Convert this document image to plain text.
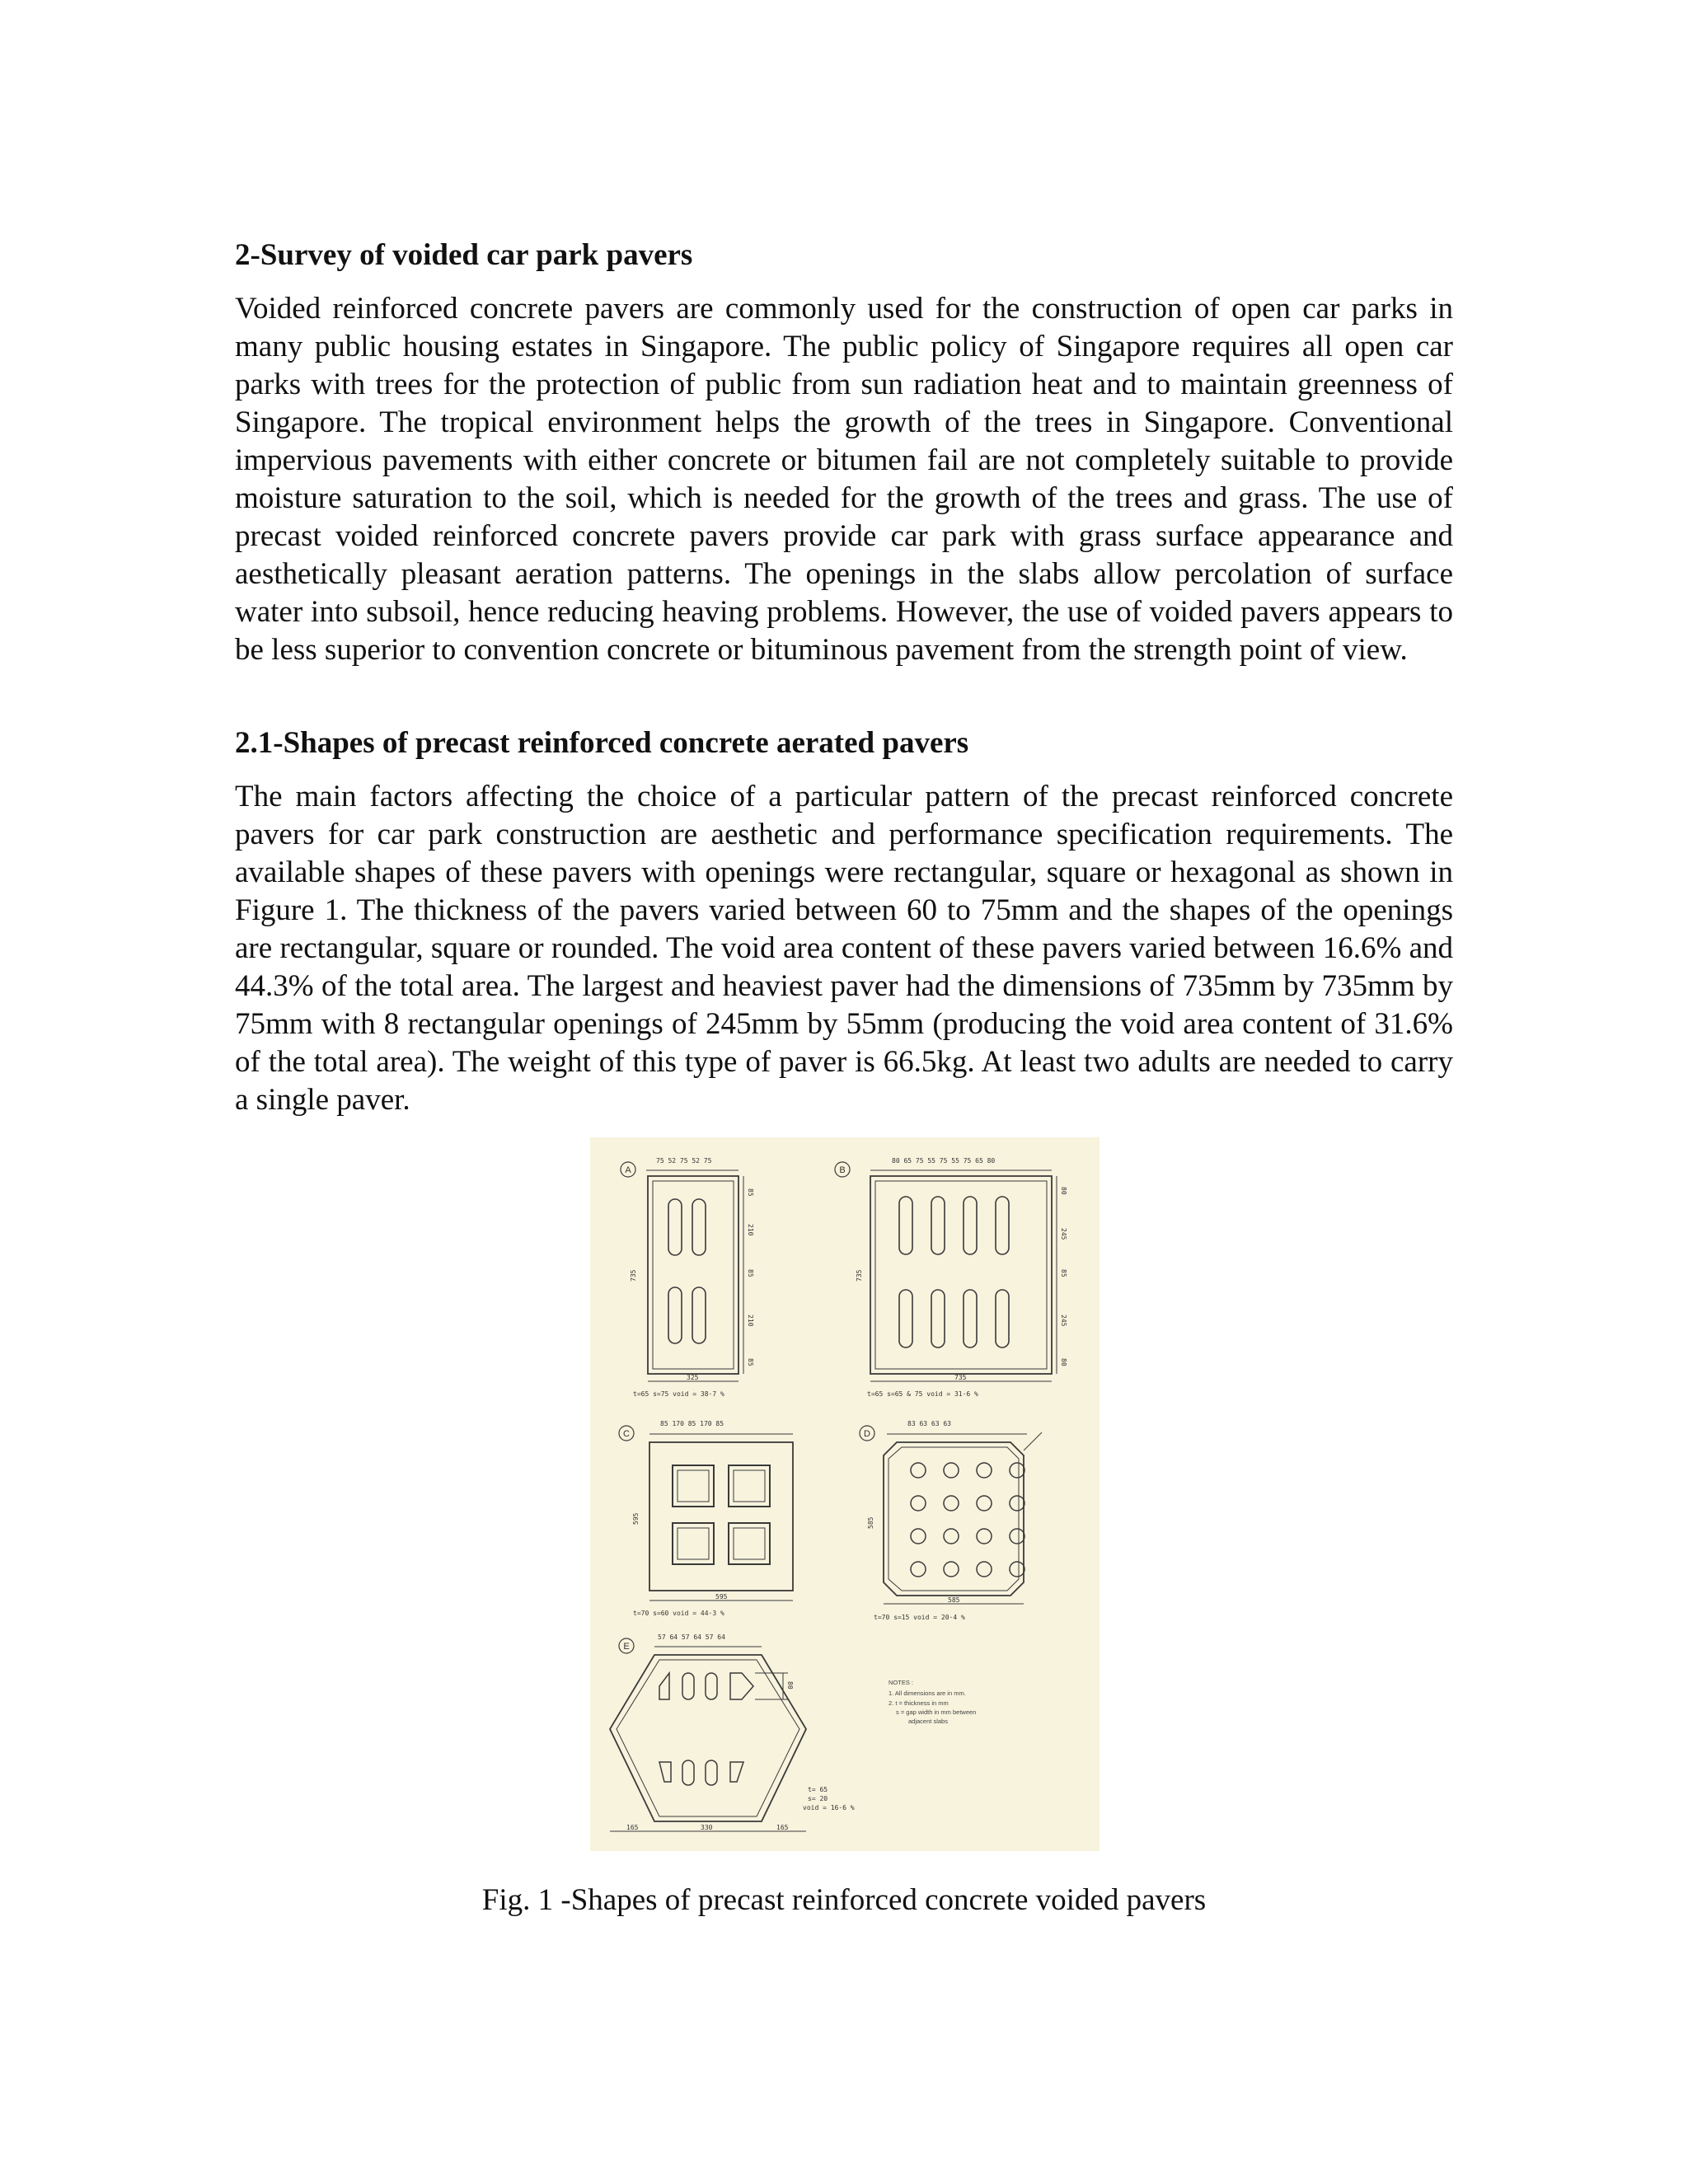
2-Survey of voided car park pavers

Voided reinforced concrete pavers are commonly used for the construction of open car parks in many public housing estates in Singapore. The public policy of Singapore requires all open car parks with trees for the protection of public from sun radiation heat and to maintain greenness of Singapore. The tropical environment helps the growth of the trees in Singapore. Conventional impervious pavements with either concrete or bitumen fail are not completely suitable to provide moisture saturation to the soil, which is needed for the growth of the trees and grass. The use of precast voided reinforced concrete pavers provide car park with grass surface appearance and aesthetically pleasant aeration patterns. The openings in the slabs allow percolation of surface water into subsoil, hence reducing heaving problems. However, the use of voided pavers appears to be less superior to convention concrete or bituminous pavement from the strength point of view.

2.1-Shapes of precast reinforced concrete aerated pavers

The main factors affecting the choice of a particular pattern of the precast reinforced concrete pavers for car park construction are aesthetic and performance specification requirements. The available shapes of these pavers with openings were rectangular, square or hexagonal as shown in Figure 1. The thickness of the pavers varied between 60 to 75mm and the shapes of the openings are rectangular, square or rounded. The void area content of these pavers varied between 16.6% and 44.3% of the total area. The largest and heaviest paver had the dimensions of 735mm by 735mm by 75mm with 8 rectangular openings of 245mm by 55mm (producing the void area content of 31.6% of the total area). The weight of this type of paver is 66.5kg. At least two adults are needed to carry a single paver.

A
75 52 75 52 75
735
85
210
85
210
85
325
t=65 s=75 void = 38·7 %
B
80 65 75 55 75 55 75 65 80
735
80
245
85
245
80
735
t=65 s=65 & 75 void = 31·6 %
C
85 170 85 170 85
595
595
t=70 s=60 void = 44·3 %
D
83 63 63 63
585
585
t=70 s=15 void = 20·4 %
E
57 64 57 64 57 64
80
165	330	165
t= 65
s= 20
void = 16·6 %
NOTES :
1. All dimensions are in mm.
2. t = thickness in mm
s = gap width in mm between
adjacent slabs
Fig. 1 -Shapes of precast reinforced concrete voided pavers
